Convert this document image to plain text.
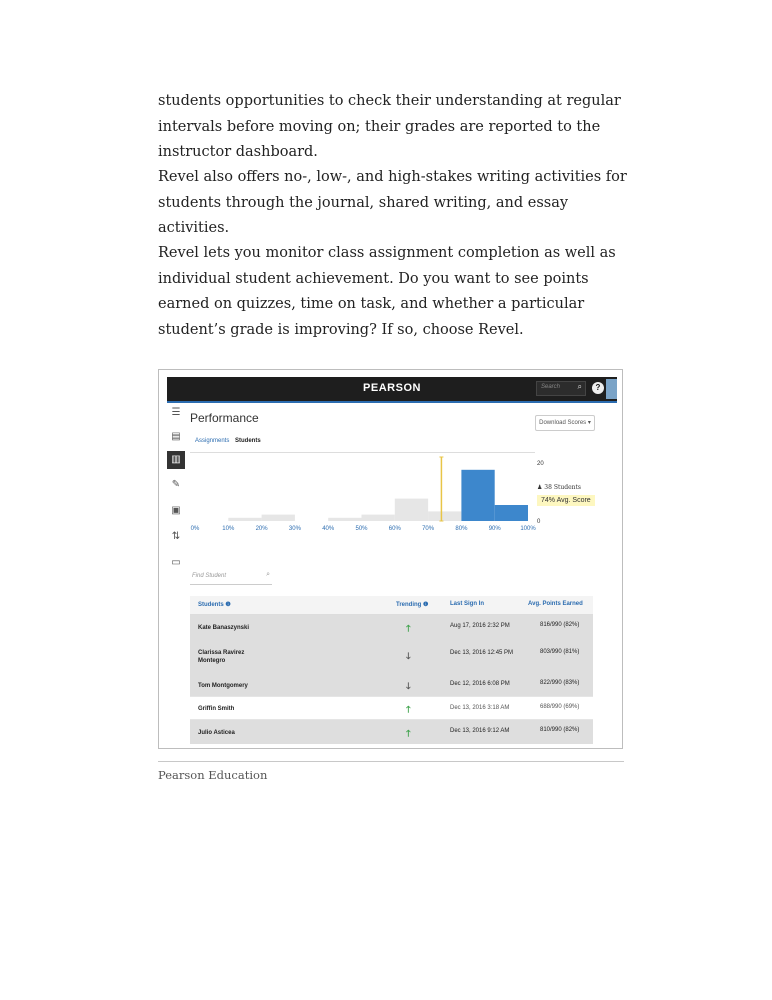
students opportunities to check their understanding at regular intervals before moving on; their grades are reported to the instructor dashboard.

Revel also offers no-, low-, and high-stakes writing activities for students through the journal, shared writing, and essay activities.

Revel lets you monitor class assignment completion as well as individual student achievement. Do you want to see points earned on quizzes, time on task, and whether a particular student’s grade is improving? If so, choose Revel.

PEARSON	Search ⌕	?
☰
▤
▥
✎
▣
⇅
▭
Performance	Download Scores ▾
Assignments Students
0%	10%	20%	30%	40%	50%	60%	70%	80%	90%	100%
20
0
♟ 38 Students
74% Avg. Score
Find Student	⌕
Students ❶	Trending ❶	Last Sign In	Avg. Points Earned
Kate Banaszynski	🡑	Aug 17, 2016 2:32 PM	816/990 (82%)
Clarissa Ravirez Montegro	🡓	Dec 13, 2016 12:45 PM	803/990 (81%)
Tom Montgomery	🡓	Dec 12, 2016 6:08 PM	822/990 (83%)
Griffin Smith	🡑	Dec 13, 2016 3:18 AM	688/990 (69%)
Julio Asticea	🡑	Dec 13, 2016 9:12 AM	810/990 (82%)
Pearson Education
